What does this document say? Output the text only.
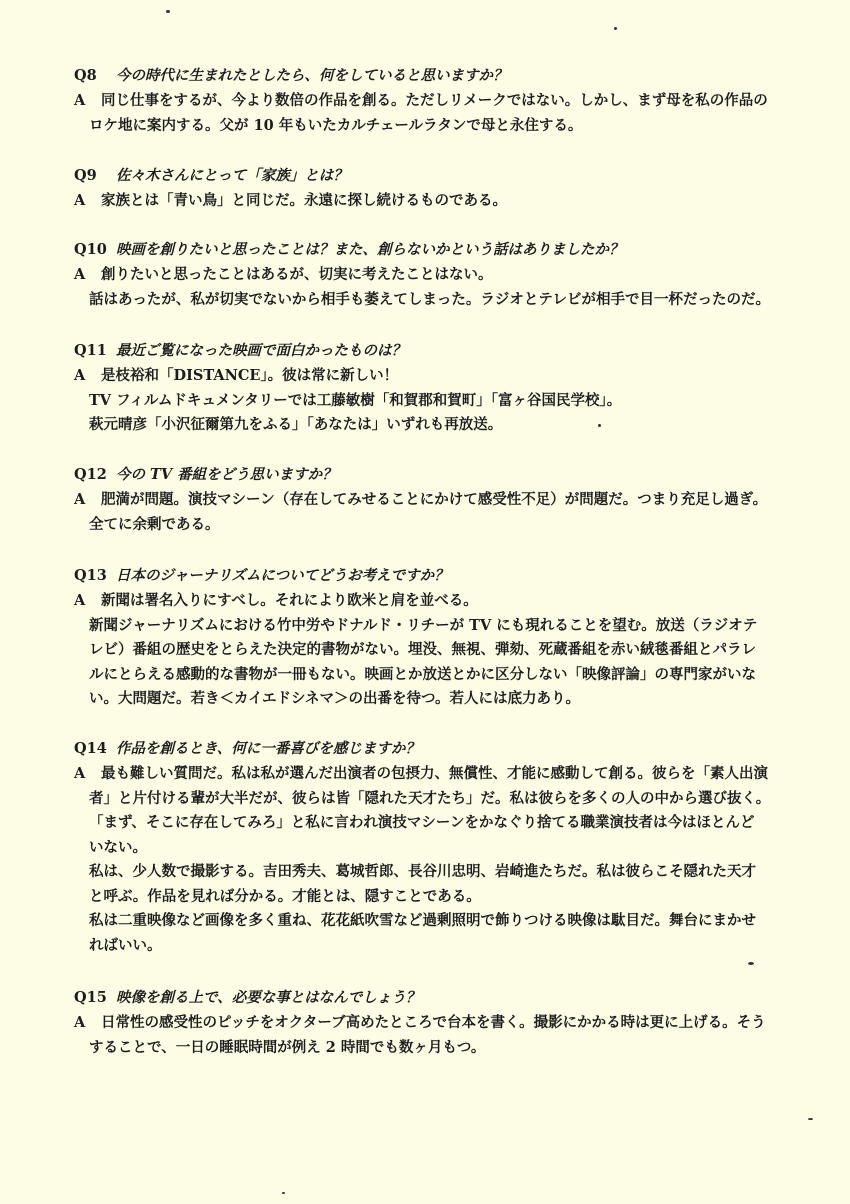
Q8 今の時代に生まれたとしたら、何をしていると思いますか？
A	同じ仕事をするが、今より数倍の作品を創る。ただしリメークではない。しかし、まず母を私の作品の
ロケ地に案内する。父が 10 年もいたカルチェールラタンで母と永住する。
Q9 佐々木さんにとって「家族」とは？
A	家族とは「青い鳥」と同じだ。永遠に探し続けるものである。
Q10 映画を創りたいと思ったことは？また、創らないかという話はありましたか？
A	創りたいと思ったことはあるが、切実に考えたことはない。
話はあったが、私が切実でないから相手も萎えてしまった。ラジオとテレビが相手で目一杯だったのだ。
Q11 最近ご覧になった映画で面白かったものは？
A	是枝裕和「DISTANCE」。彼は常に新しい！
TV フィルムドキュメンタリーでは工藤敏樹「和賀郡和賀町」「富ヶ谷国民学校」。
萩元晴彦「小沢征爾第九をふる」「あなたは」いずれも再放送。
Q12 今の TV 番組をどう思いますか？
A	肥満が問題。演技マシーン（存在してみせることにかけて感受性不足）が問題だ。つまり充足し過ぎ。
全てに余剰である。
Q13 日本のジャーナリズムについてどうお考えですか？
A	新聞は署名入りにすべし。それにより欧米と肩を並べる。
新聞ジャーナリズムにおける竹中労やドナルド・リチーが TV にも現れることを望む。放送（ラジオテ
レビ）番組の歴史をとらえた決定的書物がない。埋没、無視、弾劾、死蔵番組を赤い絨毯番組とパラレ
ルにとらえる感動的な書物が一冊もない。映画とか放送とかに区分しない「映像評論」の専門家がいな
い。大問題だ。若き＜カイエドシネマ＞の出番を待つ。若人には底力あり。
Q14 作品を創るとき、何に一番喜びを感じますか？
A	最も難しい質問だ。私は私が選んだ出演者の包摂力、無償性、才能に感動して創る。彼らを「素人出演
者」と片付ける輩が大半だが、彼らは皆「隠れた天才たち」だ。私は彼らを多くの人の中から選び抜く。
「まず、そこに存在してみろ」と私に言われ演技マシーンをかなぐり捨てる職業演技者は今はほとんど
いない。
私は、少人数で撮影する。吉田秀夫、葛城哲郎、長谷川忠明、岩崎進たちだ。私は彼らこそ隠れた天才
と呼ぶ。作品を見れば分かる。才能とは、隠すことである。
私は二重映像など画像を多く重ね、花花紙吹雪など過剰照明で飾りつける映像は駄目だ。舞台にまかせ
ればいい。
Q15 映像を創る上で、必要な事とはなんでしょう？
A	日常性の感受性のピッチをオクターブ高めたところで台本を書く。撮影にかかる時は更に上げる。そう
することで、一日の睡眠時間が例え 2 時間でも数ヶ月もつ。
